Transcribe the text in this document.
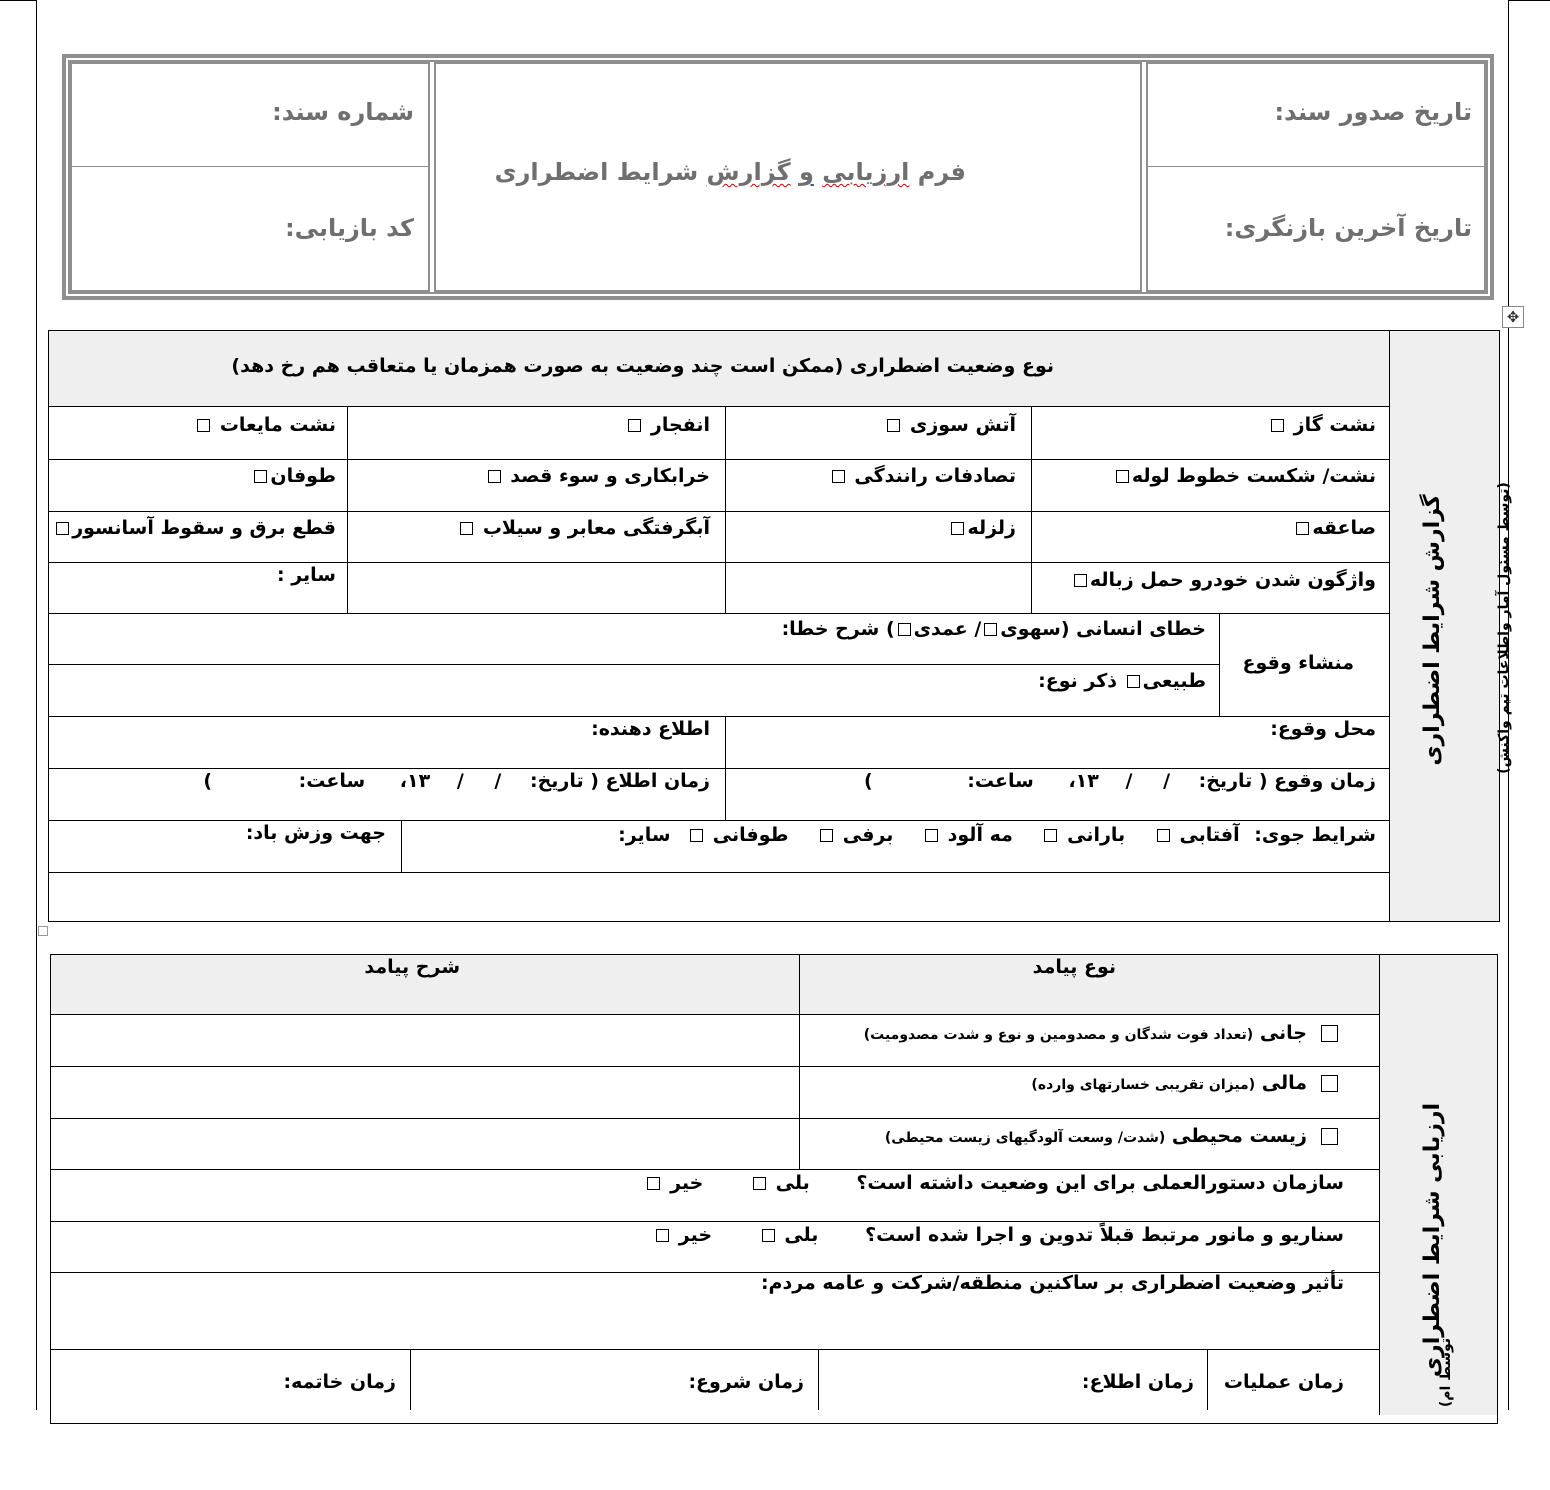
شماره سند:
کد بازیابی:
تاریخ صدور سند:
تاریخ آخرین بازنگری:
فرم ارزیابی و گزارش شرایط اضطراری
✥
نوع وضعیت اضطراری (ممکن است چند وضعیت به صورت همزمان یا متعاقب هم رخ دهد)
نشت گاز
آتش سوزی
انفجار
نشت مایعات
نشت/ شکست خطوط لوله
تصادفات رانندگی
خرابکاری و سوء قصد
طوفان
صاعقه
زلزله
آبگرفتگی معابر و سیلاب
قطع برق و سقوط آسانسور
واژگون شدن خودرو حمل زباله
سایر :
منشاء وقوع
خطای انسانی (سهوی/ عمدی) شرح خطا:
طبیعی ذکر نوع:
محل وقوع:
اطلاع دهنده:
زمان وقوع ( تاریخ: / / ۱۳، ساعت: )
زمان اطلاع ( تاریخ: / / ۱۳، ساعت: )
شرایط جوی: آفتابی  بارانی  مه آلود  برفی  طوفانی  سایر:
جهت وزش باد:
گزارش شرایط اضطراری
(توسط مسئول آمار واطلاعات تیم واکنش)
نوع پیامد
شرح پیامد
جانی (تعداد فوت شدگان و مصدومین و نوع و شدت مصدومیت)
مالی (میزان تقریبی خسارتهای وارده)
زیست محیطی (شدت/ وسعت آلودگیهای زیست محیطی)
سازمان دستورالعملی برای این وضعیت داشته است؟ بلی  خیر
سناریو و مانور مرتبط قبلاً تدوین و اجرا شده است؟ بلی  خیر
تأثیر وضعیت اضطراری بر ساکنین منطقه/شرکت و عامه مردم:
زمان عملیات
زمان اطلاع:
زمان شروع:
زمان خاتمه:
ارزیابی شرایط اضطراری
(توسط ام
